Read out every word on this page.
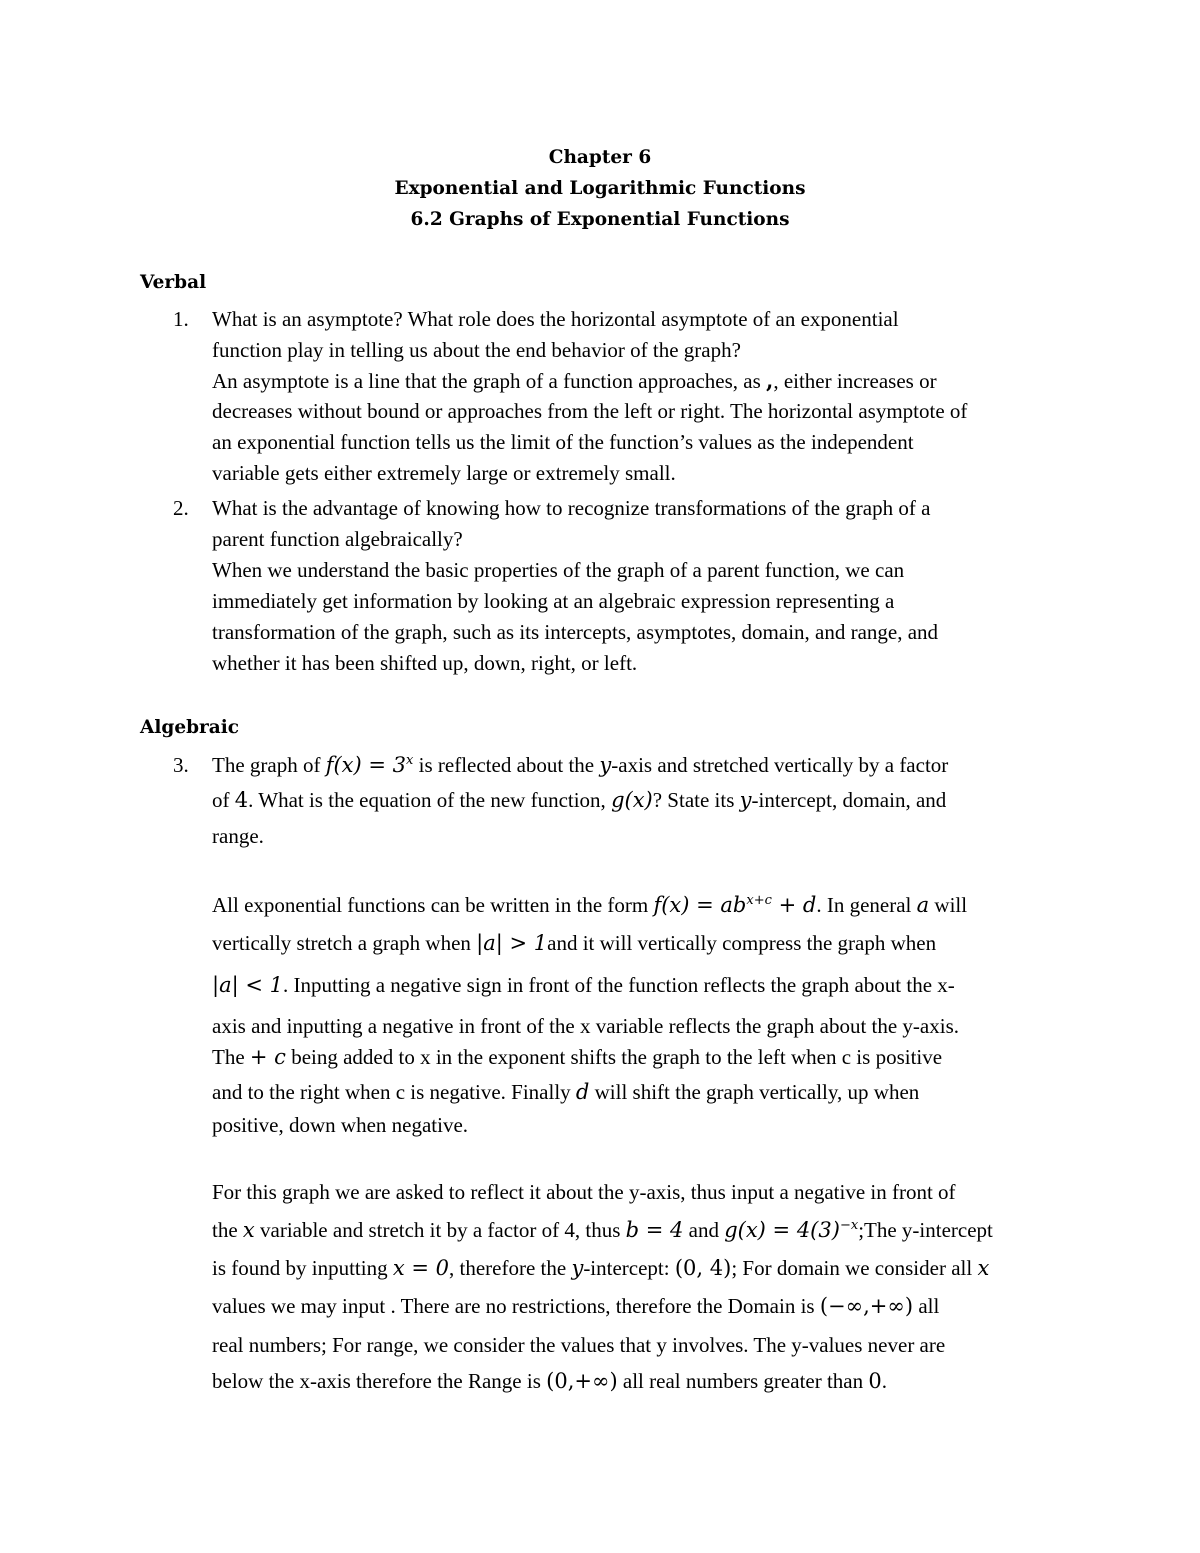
Chapter 6
Exponential and Logarithmic Functions
6.2 Graphs of Exponential Functions
Verbal
1. What is an asymptote? What role does the horizontal asymptote of an exponential
function play in telling us about the end behavior of the graph?
An asymptote is a line that the graph of a function approaches, as ,, either increases or
decreases without bound or approaches from the left or right. The horizontal asymptote of
an exponential function tells us the limit of the function’s values as the independent
variable gets either extremely large or extremely small.
2. What is the advantage of knowing how to recognize transformations of the graph of a
parent function algebraically?
When we understand the basic properties of the graph of a parent function, we can
immediately get information by looking at an algebraic expression representing a
transformation of the graph, such as its intercepts, asymptotes, domain, and range, and
whether it has been shifted up, down, right, or left.
Algebraic
3. The graph of $f(x) = 3^x$ is reflected about the y-axis and stretched vertically by a factor
of 4. What is the equation of the new function, g(x)? State its y-intercept, domain, and
range.
All exponential functions can be written in the form $f(x) = ab^{x+c} + d$. In general a will
vertically stretch a graph when |a| > 1and it will vertically compress the graph when
|a| < 1. Inputting a negative sign in front of the function reflects the graph about the x-
axis and inputting a negative in front of the x variable reflects the graph about the y-axis.
The + c being added to x in the exponent shifts the graph to the left when c is positive
and to the right when c is negative. Finally d will shift the graph vertically, up when
positive, down when negative.
For this graph we are asked to reflect it about the y-axis, thus input a negative in front of
the x variable and stretch it by a factor of 4, thus b = 4 and $g(x) = 4(3)^{-x};The$ y-intercept
is found by inputting x = 0, therefore the y-intercept: (0, 4); For domain we consider all x
values we may input . There are no restrictions, therefore the Domain is (−∞,+∞) all
real numbers; For range, we consider the values that y involves. The y-values never are
below the x-axis therefore the Range is (0,+∞) all real numbers greater than 0.
